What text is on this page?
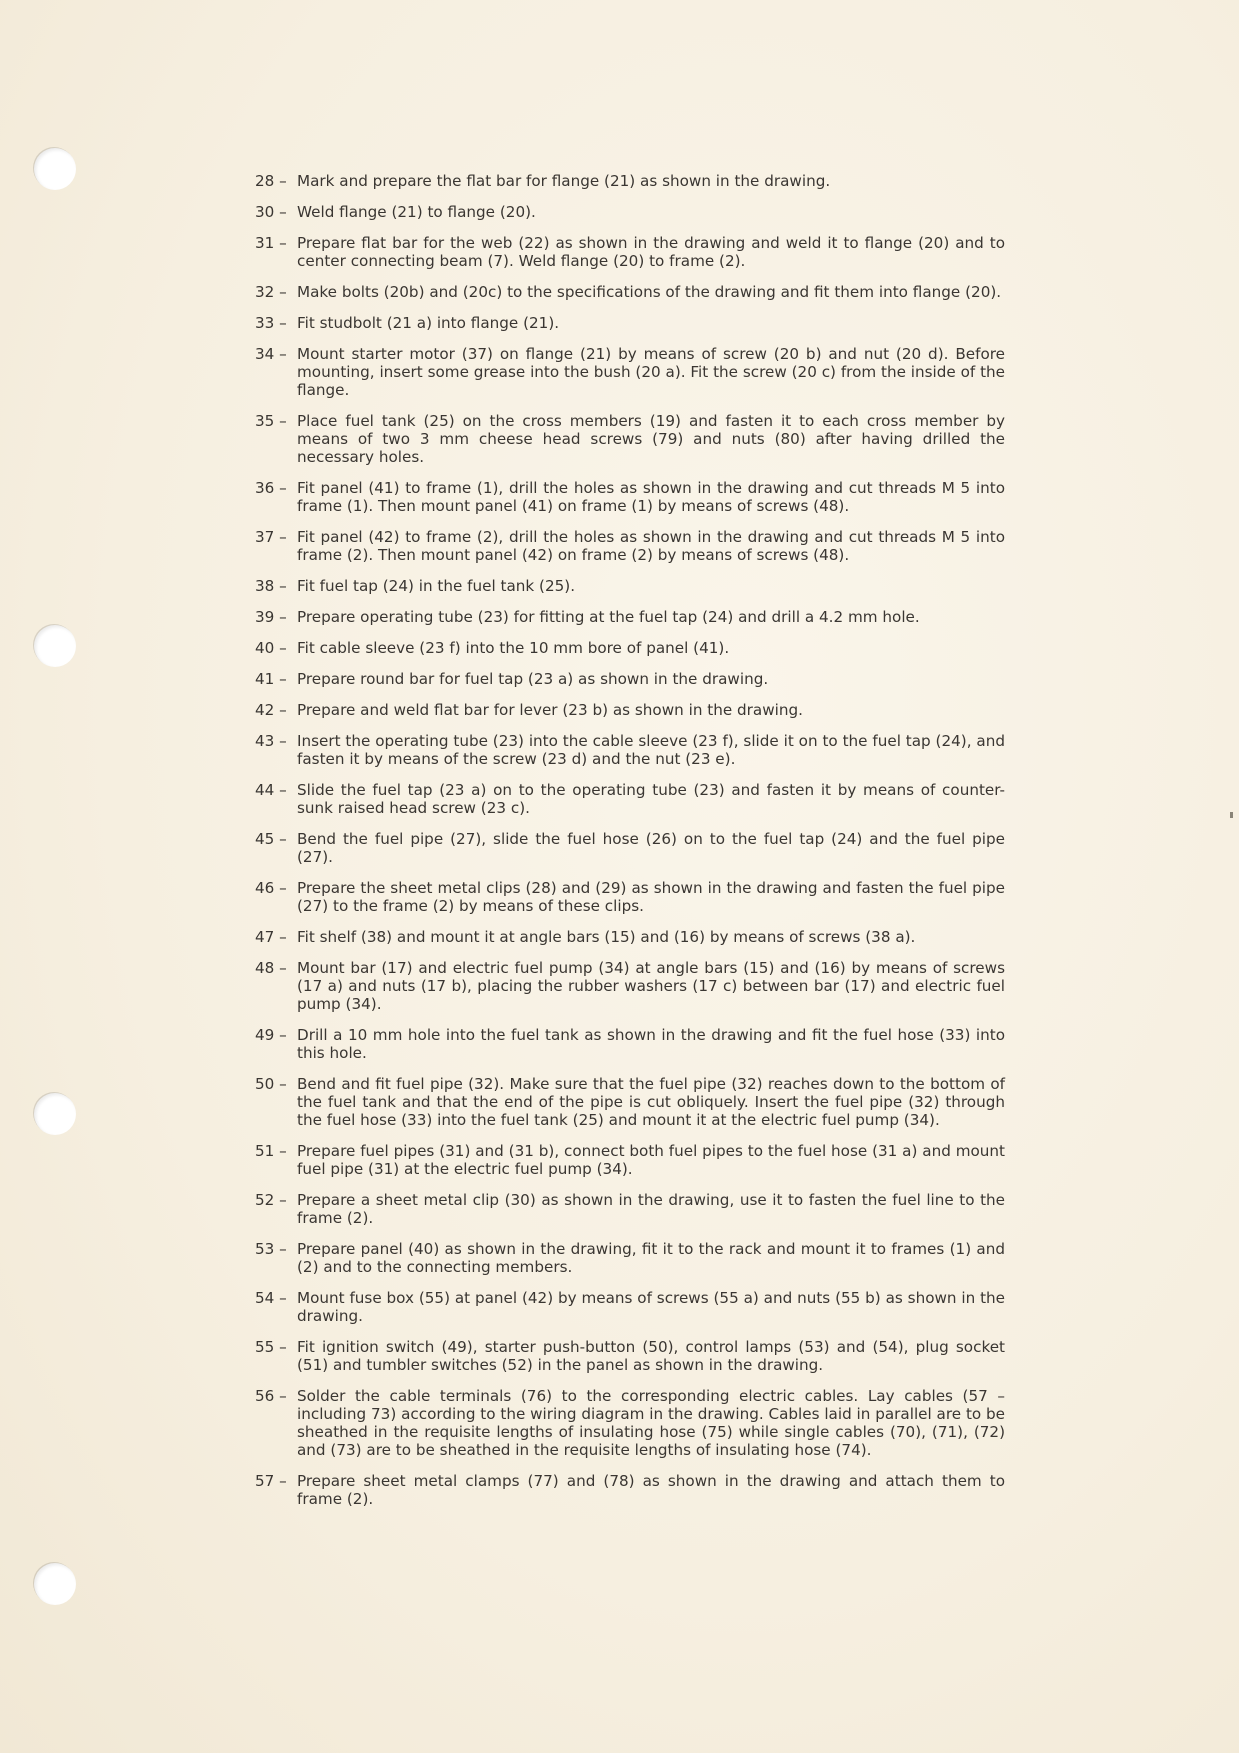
28 – Mark and prepare the flat bar for flange (21) as shown in the drawing.
30 – Weld flange (21) to flange (20).
31 – Prepare flat bar for the web (22) as shown in the drawing and weld it to flange (20) and to center connecting beam (7). Weld flange (20) to frame (2).
32 – Make bolts (20b) and (20c) to the specifications of the drawing and fit them into flange (20).
33 – Fit studbolt (21 a) into flange (21).
34 – Mount starter motor (37) on flange (21) by means of screw (20 b) and nut (20 d). Before mounting, insert some grease into the bush (20 a). Fit the screw (20 c) from the inside of the flange.
35 – Place fuel tank (25) on the cross members (19) and fasten it to each cross member by means of two 3 mm cheese head screws (79) and nuts (80) after having drilled the necessary holes.
36 – Fit panel (41) to frame (1), drill the holes as shown in the drawing and cut threads M 5 into frame (1). Then mount panel (41) on frame (1) by means of screws (48).
37 – Fit panel (42) to frame (2), drill the holes as shown in the drawing and cut threads M 5 into frame (2). Then mount panel (42) on frame (2) by means of screws (48).
38 – Fit fuel tap (24) in the fuel tank (25).
39 – Prepare operating tube (23) for fitting at the fuel tap (24) and drill a 4.2 mm hole.
40 – Fit cable sleeve (23 f) into the 10 mm bore of panel (41).
41 – Prepare round bar for fuel tap (23 a) as shown in the drawing.
42 – Prepare and weld flat bar for lever (23 b) as shown in the drawing.
43 – Insert the operating tube (23) into the cable sleeve (23 f), slide it on to the fuel tap (24), and fasten it by means of the screw (23 d) and the nut (23 e).
44 – Slide the fuel tap (23 a) on to the operating tube (23) and fasten it by means of counter-sunk raised head screw (23 c).
45 – Bend the fuel pipe (27), slide the fuel hose (26) on to the fuel tap (24) and the fuel pipe (27).
46 – Prepare the sheet metal clips (28) and (29) as shown in the drawing and fasten the fuel pipe (27) to the frame (2) by means of these clips.
47 – Fit shelf (38) and mount it at angle bars (15) and (16) by means of screws (38 a).
48 – Mount bar (17) and electric fuel pump (34) at angle bars (15) and (16) by means of screws (17 a) and nuts (17 b), placing the rubber washers (17 c) between bar (17) and electric fuel pump (34).
49 – Drill a 10 mm hole into the fuel tank as shown in the drawing and fit the fuel hose (33) into this hole.
50 – Bend and fit fuel pipe (32). Make sure that the fuel pipe (32) reaches down to the bottom of the fuel tank and that the end of the pipe is cut obliquely. Insert the fuel pipe (32) through the fuel hose (33) into the fuel tank (25) and mount it at the electric fuel pump (34).
51 – Prepare fuel pipes (31) and (31 b), connect both fuel pipes to the fuel hose (31 a) and mount fuel pipe (31) at the electric fuel pump (34).
52 – Prepare a sheet metal clip (30) as shown in the drawing, use it to fasten the fuel line to the frame (2).
53 – Prepare panel (40) as shown in the drawing, fit it to the rack and mount it to frames (1) and (2) and to the connecting members.
54 – Mount fuse box (55) at panel (42) by means of screws (55 a) and nuts (55 b) as shown in the drawing.
55 – Fit ignition switch (49), starter push-button (50), control lamps (53) and (54), plug socket (51) and tumbler switches (52) in the panel as shown in the drawing.
56 – Solder the cable terminals (76) to the corresponding electric cables. Lay cables (57 – including 73) according to the wiring diagram in the drawing. Cables laid in parallel are to be sheathed in the requisite lengths of insulating hose (75) while single cables (70), (71), (72) and (73) are to be sheathed in the requisite lengths of insulating hose (74).
57 – Prepare sheet metal clamps (77) and (78) as shown in the drawing and attach them to frame (2).
